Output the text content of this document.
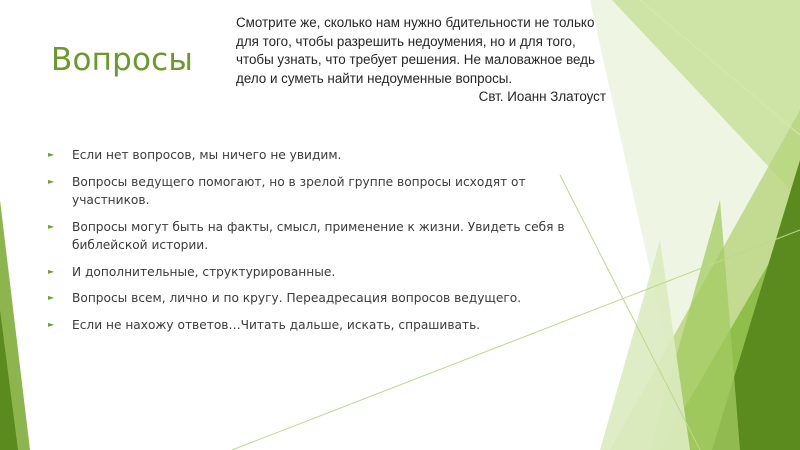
Вопросы

Смотрите же, сколько нам нужно бдительности не только для того, чтобы разрешить недоумения, но и для того, чтобы узнать, что требует решения. Не маловажное ведь дело и суметь найти недоуменные вопросы.
Свт. Иоанн Златоуст

► Если нет вопросов, мы ничего не увидим.
► Вопросы ведущего помогают, но в зрелой группе вопросы исходят от участников.
► Вопросы могут быть на факты, смысл, применение к жизни. Увидеть себя в библейской истории.
► И дополнительные, структурированные.
► Вопросы всем, лично и по кругу. Переадресация вопросов ведущего.
► Если не нахожу ответов…Читать дальше, искать, спрашивать.
